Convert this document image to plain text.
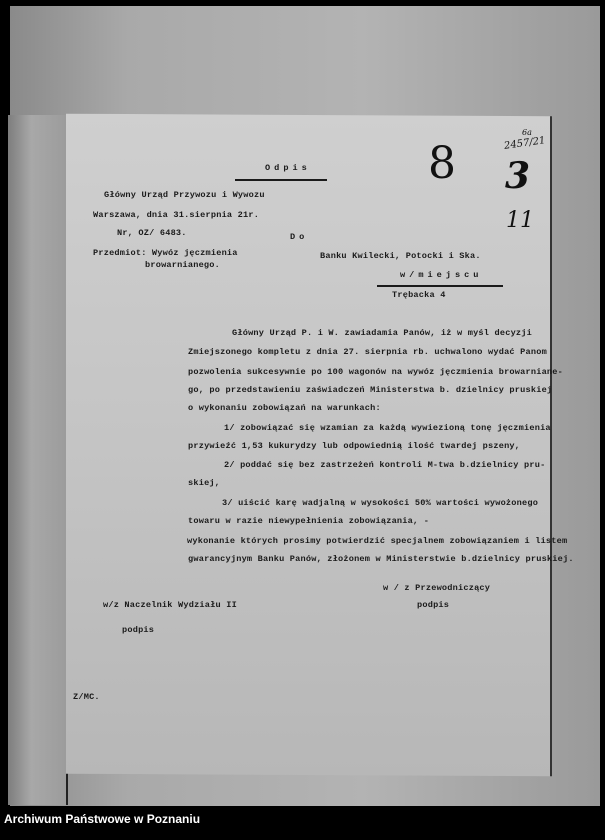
Odpis
Główny Urząd Przywozu i Wywozu
Warszawa, dnia 31.sierpnia 21r.
Nr, OZ/ 6483.	Do
Przedmiot: Wywóz jęczmienia
browarnianego.
Banku Kwilecki, Potocki i Ska.
w/miejscu
Trębacka 4
Główny Urząd P. i W. zawiadamia Panów, iż w myśl decyzji
Zmiejszonego kompletu z dnia 27. sierpnia rb. uchwalono wydać Panom
pozwolenia sukcesywnie po 100 wagonów na wywóz jęczmienia browarniane-
go, po przedstawieniu zaświadczeń Ministerstwa b. dzielnicy pruskiej
o wykonaniu zobowiązań na warunkach:
1/ zobowiązać się wzamian za każdą wywiezioną tonę jęczmienia
przywieźć 1,53 kukurydzy lub odpowiednią ilość twardej pszeny,
2/ poddać się bez zastrzeżeń kontroli M-twa b.dzielnicy pru-
skiej,
3/ uiścić karę wadjalną w wysokości 50% wartości wywożonego
towaru w razie niewypełnienia zobowiązania, -
wykonanie których prosimy potwierdzić specjalnem zobowiązaniem i listem
gwarancyjnym Banku Panów, złożonem w Ministerstwie b.dzielnicy pruskiej.
w / z Przewodniczący
podpis
w/z Naczelnik Wydziału II
podpis
Z/MC.
6a
2457/21
8 3
11
Archiwum Państwowe w Poznaniu
